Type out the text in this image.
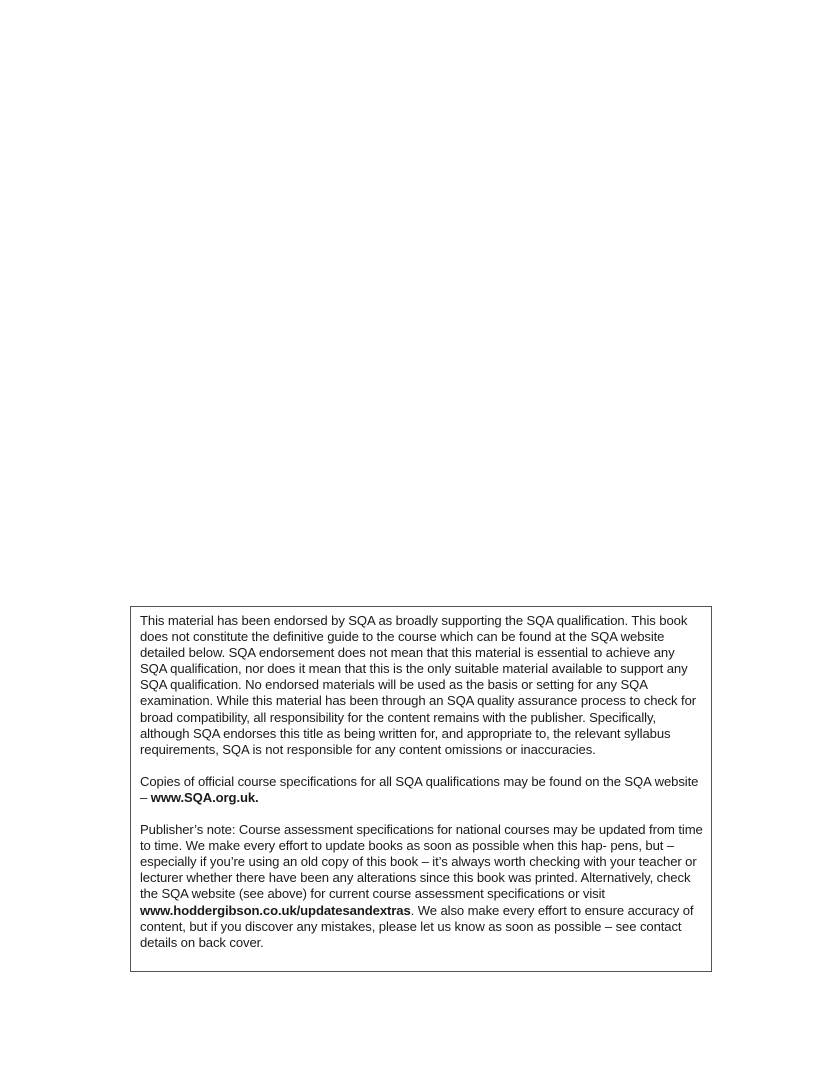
This material has been endorsed by SQA as broadly supporting the SQA qualification. This book does not constitute the definitive guide to the course which can be found at the SQA website detailed below. SQA endorsement does not mean that this material is essential to achieve any SQA qualification, nor does it mean that this is the only suitable material available to support any SQA qualification. No endorsed materials will be used as the basis or setting for any SQA examination. While this material has been through an SQA quality assurance process to check for broad compatibility, all responsibility for the content remains with the publisher. Specifically, although SQA endorses this title as being written for, and appropriate to, the relevant syllabus requirements, SQA is not responsible for any content omissions or inaccuracies.

Copies of official course specifications for all SQA qualifications may be found on the SQA website – www.SQA.org.uk.

Publisher’s note: Course assessment specifications for national courses may be updated from time to time. We make every effort to update books as soon as possible when this hap- pens, but – especially if you’re using an old copy of this book – it’s always worth checking with your teacher or lecturer whether there have been any alterations since this book was printed. Alternatively, check the SQA website (see above) for current course assessment specifications or visit www.hoddergibson.co.uk/updatesandextras. We also make every effort to ensure accuracy of content, but if you discover any mistakes, please let us know as soon as possible – see contact details on back cover.
